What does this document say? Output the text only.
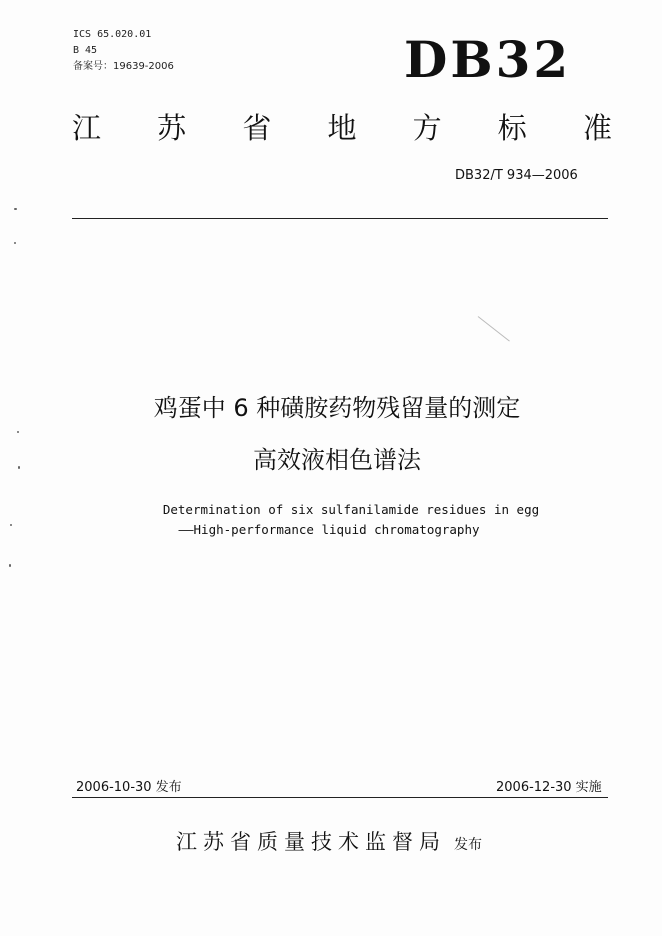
ICS 65.020.01
B 45
备案号：19639-2006	DB32
江 苏 省 地 方 标 准
DB32/T 934—2006
鸡蛋中 6 种磺胺药物残留量的测定
高效液相色谱法
Determination of six sulfanilamide residues in egg
——High-performance liquid chromatography
2006-10-30 发布	2006-12-30 实施
江苏省质量技术监督局 发布
